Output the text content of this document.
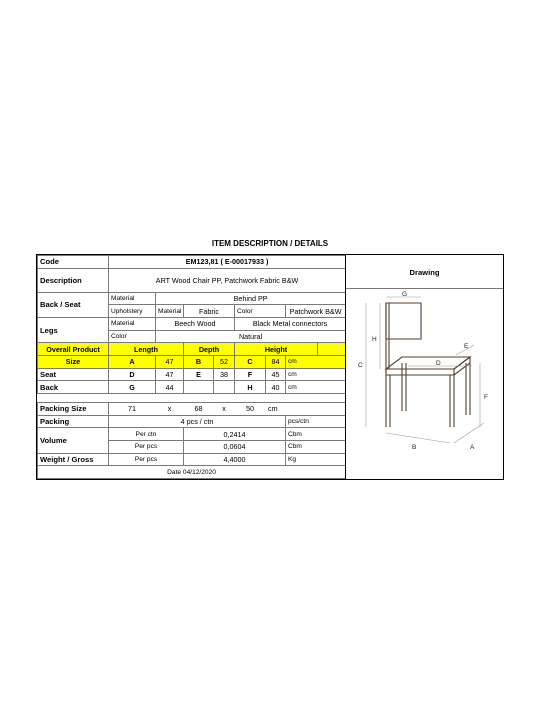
ITEM DESCRIPTION / DETAILS
Code	EM123,81 ( E-00017933 )							
Description	ART Wood Chair PP, Patchwork Fabric B&W							
Back / Seat	Material	Behind PP						
	Upholstery	Material	Fabric		Color		Patchwork B&W	
Legs	Material	Beech Wood			Black Metal connectors			
	Color	Natural						
Overall Product	Length		Depth		Height			
Size	A	47	B	52	C	84	cm	
Seat	D	47	E	38	F	45	cm	
Back	G	44			H	40	cm	

Packing Size	71	x	68	x	50	cm		
Packing	4 pcs / ctn						pcs/ctn	
Volume	Per ctn		0,2414				Cbm	
	Per pcs		0,0604				Cbm	
Weight / Gross	Per pcs		4,4000				Kg	
Date 04/12/2020								
Drawing
G
H
C
E
D
F
B	A
